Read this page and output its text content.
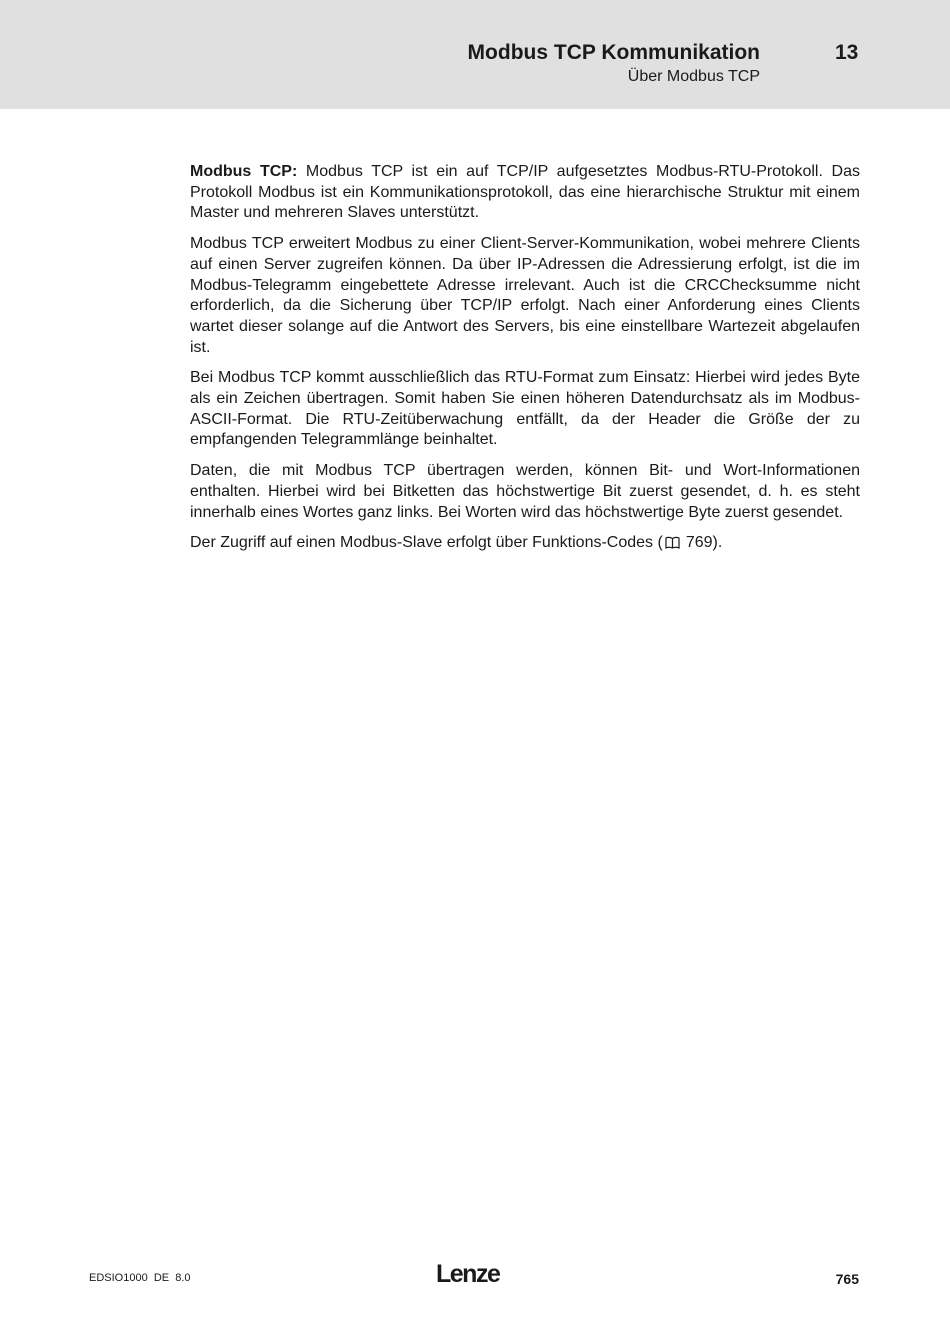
Modbus TCP Kommunikation	13
Über Modbus TCP

Modbus TCP: Modbus TCP ist ein auf TCP/IP aufgesetztes Modbus-RTU-Protokoll. Das Protokoll Modbus ist ein Kommunikationsprotokoll, das eine hierarchische Struktur mit einem Master und mehreren Slaves unterstützt.

Modbus TCP erweitert Modbus zu einer Client-Server-Kommunikation, wobei mehrere Clients auf einen Server zugreifen können. Da über IP-Adressen die Adressierung erfolgt, ist die im Modbus-Telegramm eingebettete Adresse irrelevant. Auch ist die CRCChecksumme nicht erforderlich, da die Sicherung über TCP/IP erfolgt. Nach einer Anforderung eines Clients wartet dieser solange auf die Antwort des Servers, bis eine einstellbare Wartezeit abgelaufen ist.

Bei Modbus TCP kommt ausschließlich das RTU-Format zum Einsatz: Hierbei wird jedes Byte als ein Zeichen übertragen. Somit haben Sie einen höheren Datendurchsatz als im Modbus-ASCII-Format. Die RTU-Zeitüberwachung entfällt, da der Header die Größe der zu empfangenden Telegrammlänge beinhaltet.

Daten, die mit Modbus TCP übertragen werden, können Bit- und Wort-Informationen enthalten. Hierbei wird bei Bitketten das höchstwertige Bit zuerst gesendet, d. h. es steht innerhalb eines Wortes ganz links. Bei Worten wird das höchstwertige Byte zuerst gesendet.

Der Zugriff auf einen Modbus-Slave erfolgt über Funktions-Codes ( 769).

EDSIO1000  DE  8.0	Lenze	765
